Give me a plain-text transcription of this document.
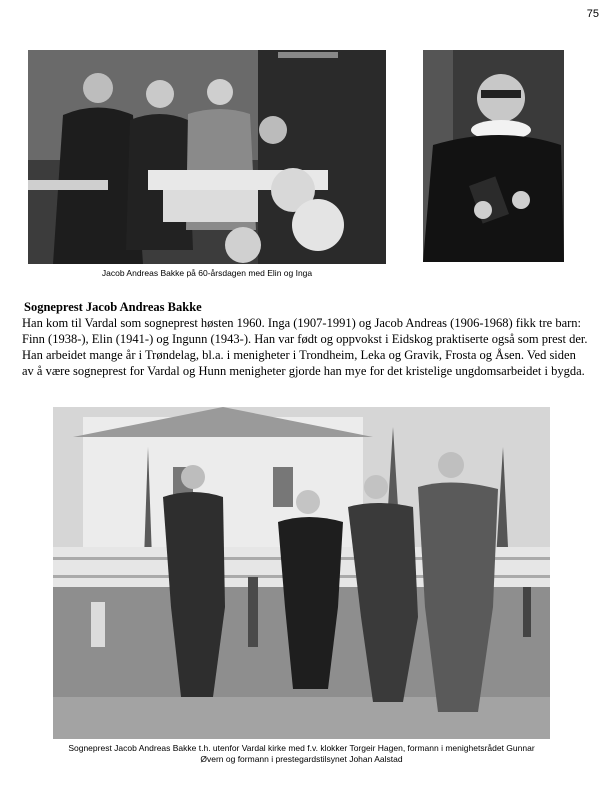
75
Jacob Andreas Bakke på 60-årsdagen med Elin og Inga
Sogneprest Jacob Andreas Bakke
Han kom til Vardal som sogneprest høsten 1960. Inga (1907-1991) og Jacob Andreas (1906-1968) fikk tre barn: Finn (1938-), Elin (1941-) og Ingunn (1943-). Han var født og oppvokst i Eidskog praktiserte også som prest der. Han arbeidet mange år i Trøndelag, bl.a. i menigheter i Trondheim, Leka og Gravik, Frosta og Åsen. Ved siden av å være sogneprest for Vardal og Hunn menigheter gjorde han mye for det kristelige ungdomsarbeidet i bygda.
Sogneprest Jacob Andreas Bakke t.h. utenfor Vardal kirke med f.v. klokker Torgeir Hagen, formann i menighetsrådet Gunnar
Øvern og formann i prestegardstilsynet Johan Aalstad
